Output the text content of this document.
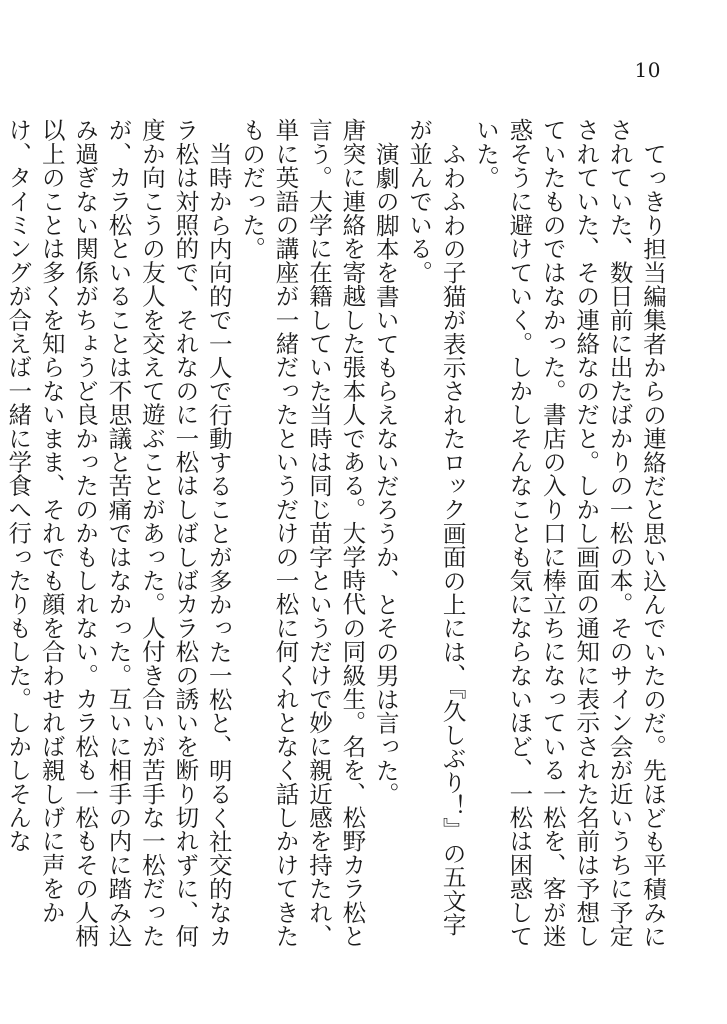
10

てっきり担当編集者からの連絡だと思い込んでいたのだ。先ほども平積みにされていた、数日前に出たばかりの一松の本。そのサイン会が近いうちに予定されていた、その連絡なのだと。しかし画面の通知に表示された名前は予想していたものではなかった。書店の入り口に棒立ちになっている一松を、客が迷惑そうに避けていく。しかしそんなことも気にならないほど、一松は困惑していた。

ふわふわの子猫が表示されたロック画面の上には、『久しぶり！』の五文字が並んでいる。

演劇の脚本を書いてもらえないだろうか、とその男は言った。

唐突に連絡を寄越した張本人である。大学時代の同級生。名を、松野カラ松と言う。大学に在籍していた当時は同じ苗字というだけで妙に親近感を持たれ、単に英語の講座が一緒だったというだけの一松に何くれとなく話しかけてきたものだった。

当時から内向的で一人で行動することが多かった一松と、明るく社交的なカラ松は対照的で、それなのに一松はしばしばカラ松の誘いを断り切れずに、何度か向こうの友人を交えて遊ぶことがあった。人付き合いが苦手な一松だったが、カラ松といることは不思議と苦痛ではなかった。互いに相手の内に踏み込み過ぎない関係がちょうど良かったのかもしれない。カラ松も一松もその人柄以上のことは多くを知らないまま、それでも顔を合わせれば親しげに声をかけ、タイミングが合えば一緒に学食へ行ったりもした。しかしそんな
